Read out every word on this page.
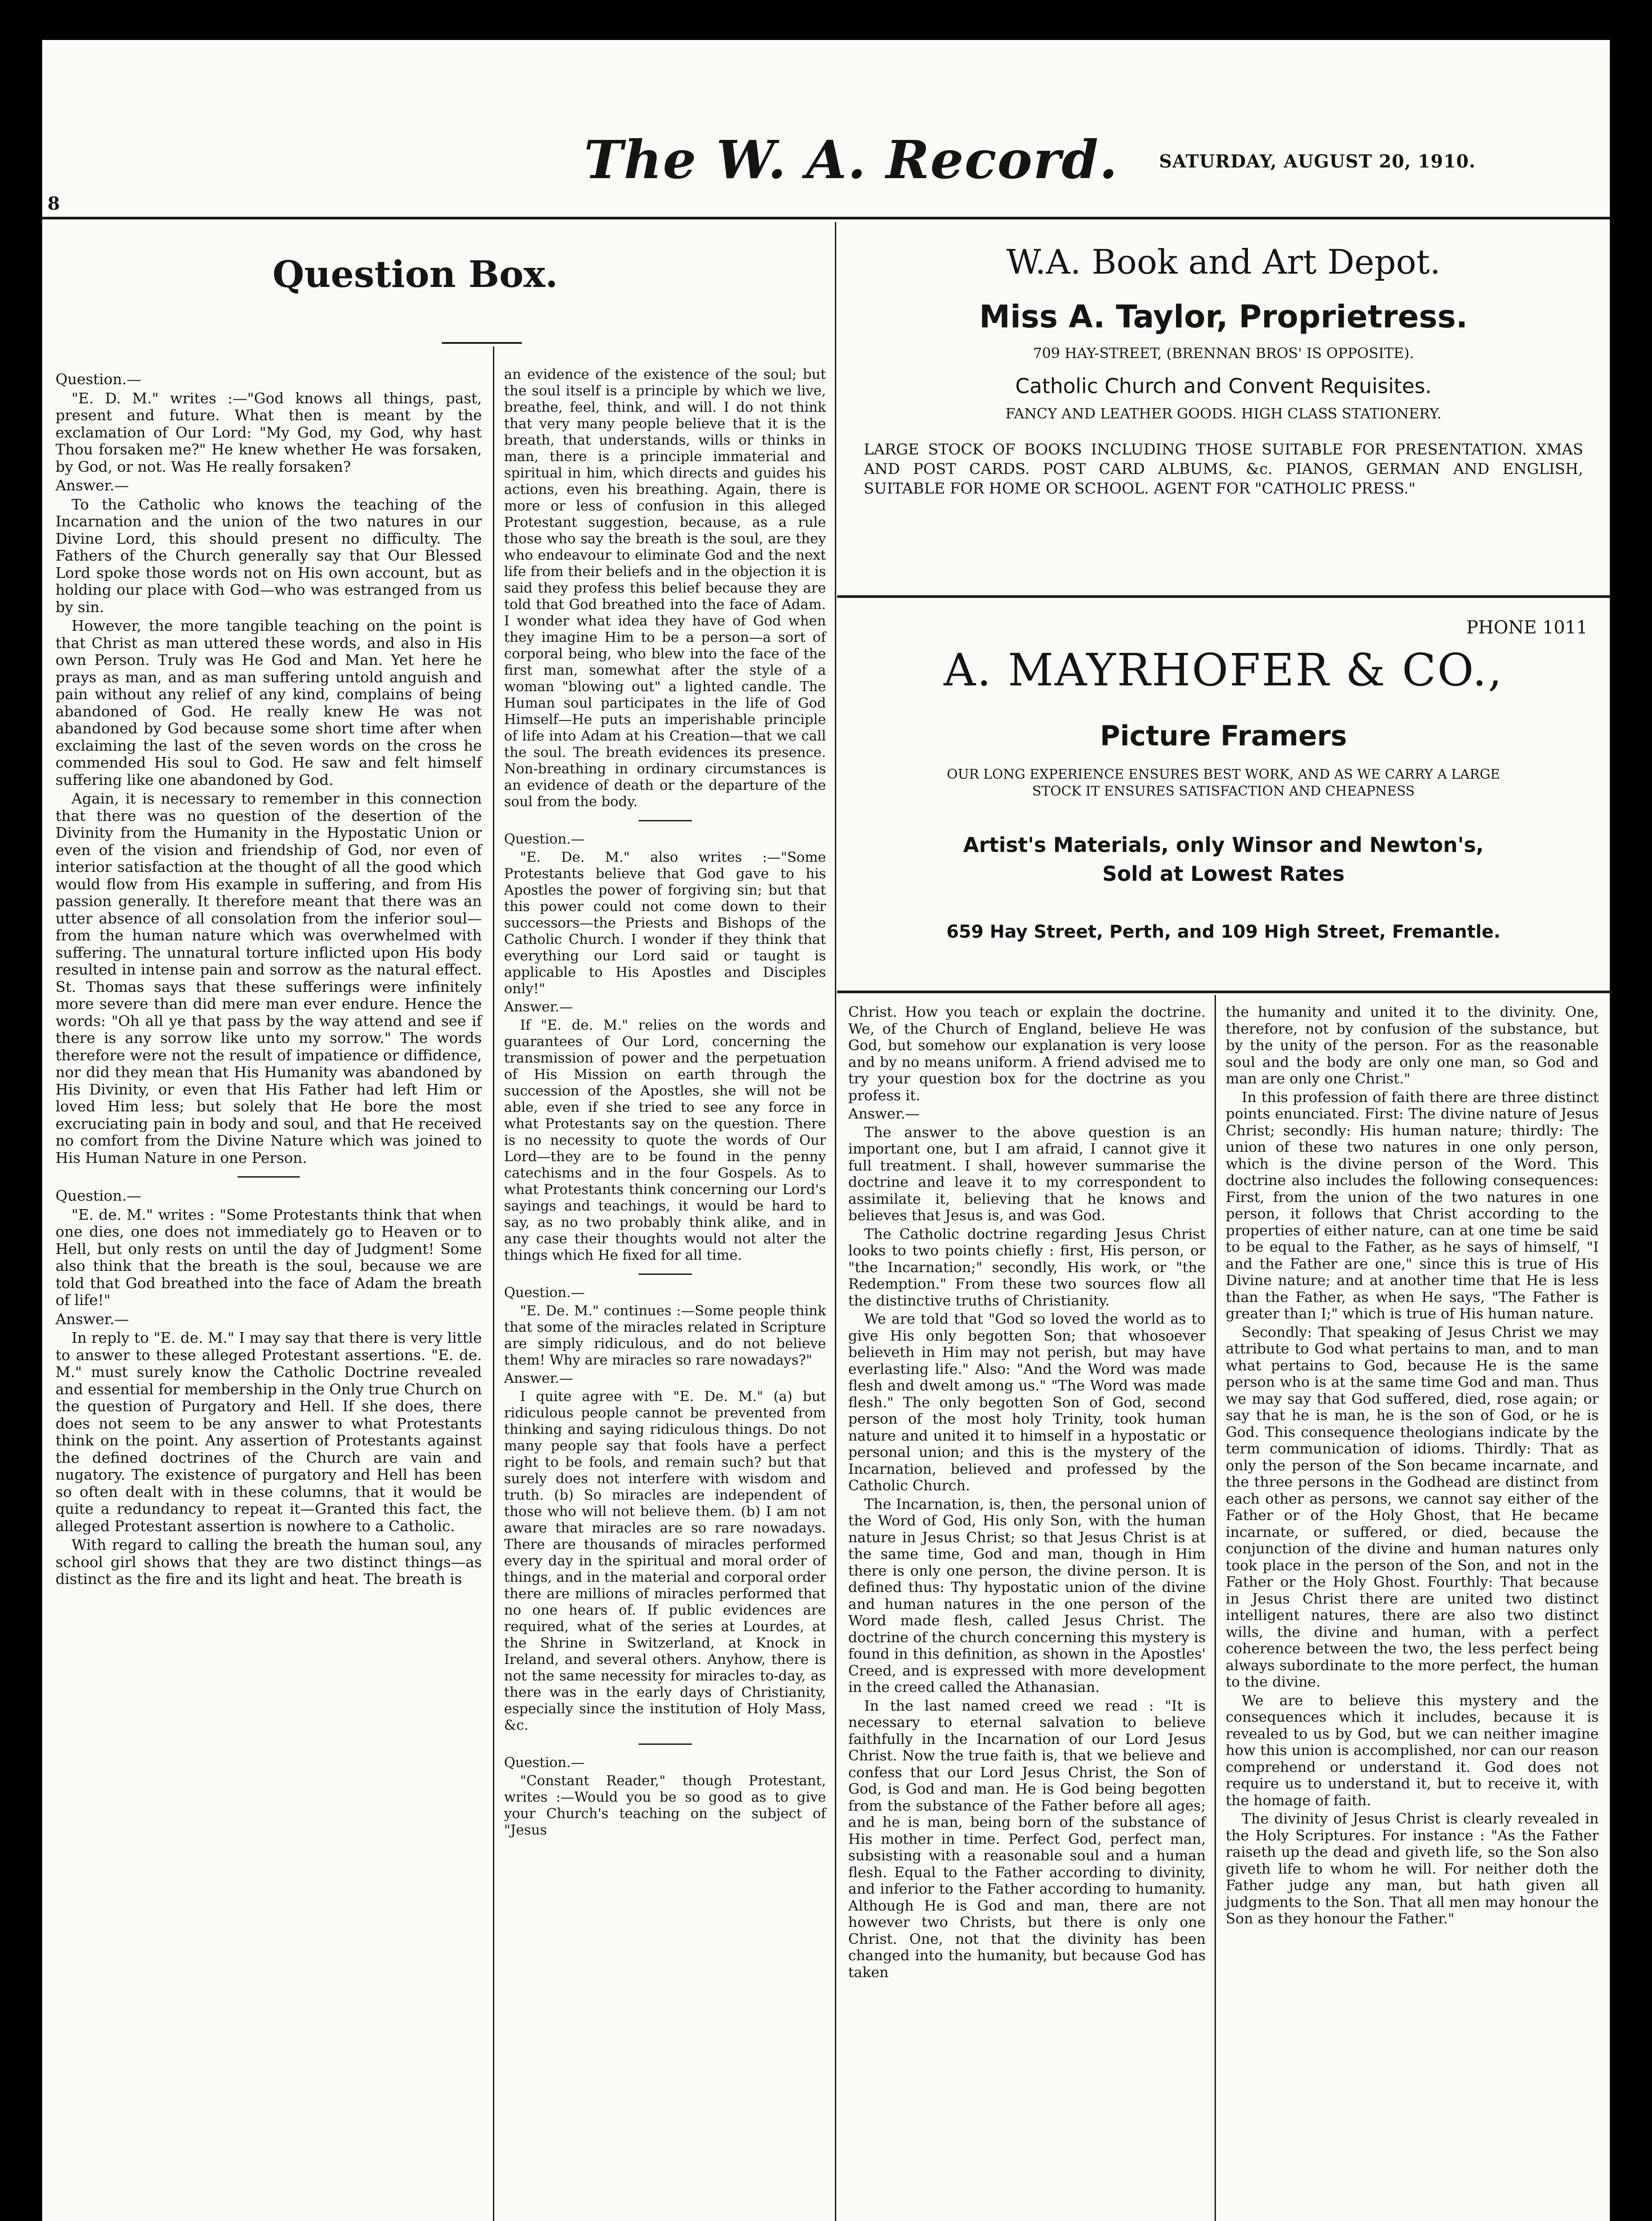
8
The W. A. Record. SATURDAY, AUGUST 20, 1910.
Question Box.

Question.—

"E. D. M." writes :—"God knows all things, past, present and future. What then is meant by the exclamation of Our Lord: "My God, my God, why hast Thou forsaken me?" He knew whether He was forsaken, by God, or not. Was He really forsaken?

Answer.—

To the Catholic who knows the teaching of the Incarnation and the union of the two natures in our Divine Lord, this should present no difficulty. The Fathers of the Church generally say that Our Blessed Lord spoke those words not on His own account, but as holding our place with God—who was estranged from us by sin.

However, the more tangible teaching on the point is that Christ as man uttered these words, and also in His own Person. Truly was He God and Man. Yet here he prays as man, and as man suffering untold anguish and pain without any relief of any kind, complains of being abandoned of God. He really knew He was not abandoned by God because some short time after when exclaiming the last of the seven words on the cross he commended His soul to God. He saw and felt himself suffering like one abandoned by God.

Again, it is necessary to remember in this connection that there was no question of the desertion of the Divinity from the Humanity in the Hypostatic Union or even of the vision and friendship of God, nor even of interior satisfaction at the thought of all the good which would flow from His example in suffering, and from His passion generally. It therefore meant that there was an utter absence of all consolation from the inferior soul—from the human nature which was overwhelmed with suffering. The unnatural torture inflicted upon His body resulted in intense pain and sorrow as the natural effect. St. Thomas says that these sufferings were infinitely more severe than did mere man ever endure. Hence the words: "Oh all ye that pass by the way attend and see if there is any sorrow like unto my sorrow." The words therefore were not the result of impatience or diffidence, nor did they mean that His Humanity was abandoned by His Divinity, or even that His Father had left Him or loved Him less; but solely that He bore the most excruciating pain in body and soul, and that He received no comfort from the Divine Nature which was joined to His Human Nature in one Person.

Question.—

"E. de. M." writes : "Some Protestants think that when one dies, one does not immediately go to Heaven or to Hell, but only rests on until the day of Judgment! Some also think that the breath is the soul, because we are told that God breathed into the face of Adam the breath of life!"

Answer.—

In reply to "E. de. M." I may say that there is very little to answer to these alleged Protestant assertions. "E. de. M." must surely know the Catholic Doctrine revealed and essential for membership in the Only true Church on the question of Purgatory and Hell. If she does, there does not seem to be any answer to what Protestants think on the point. Any assertion of Protestants against the defined doctrines of the Church are vain and nugatory. The existence of purgatory and Hell has been so often dealt with in these columns, that it would be quite a redundancy to repeat it—Granted this fact, the alleged Protestant assertion is nowhere to a Catholic.

With regard to calling the breath the human soul, any school girl shows that they are two distinct things—as distinct as the fire and its light and heat. The breath is

an evidence of the existence of the soul; but the soul itself is a principle by which we live, breathe, feel, think, and will. I do not think that very many people believe that it is the breath, that understands, wills or thinks in man, there is a principle immaterial and spiritual in him, which directs and guides his actions, even his breathing. Again, there is more or less of confusion in this alleged Protestant suggestion, because, as a rule those who say the breath is the soul, are they who endeavour to eliminate God and the next life from their beliefs and in the objection it is said they profess this belief because they are told that God breathed into the face of Adam. I wonder what idea they have of God when they imagine Him to be a person—a sort of corporal being, who blew into the face of the first man, somewhat after the style of a woman "blowing out" a lighted candle. The Human soul participates in the life of God Himself—He puts an imperishable principle of life into Adam at his Creation—that we call the soul. The breath evidences its presence. Non-breathing in ordinary circumstances is an evidence of death or the departure of the soul from the body.

Question.—

"E. De. M." also writes :—"Some Protestants believe that God gave to his Apostles the power of forgiving sin; but that this power could not come down to their successors—the Priests and Bishops of the Catholic Church. I wonder if they think that everything our Lord said or taught is applicable to His Apostles and Disciples only!"

Answer.—

If "E. de. M." relies on the words and guarantees of Our Lord, concerning the transmission of power and the perpetuation of His Mission on earth through the succession of the Apostles, she will not be able, even if she tried to see any force in what Protestants say on the question. There is no necessity to quote the words of Our Lord—they are to be found in the penny catechisms and in the four Gospels. As to what Protestants think concerning our Lord's sayings and teachings, it would be hard to say, as no two probably think alike, and in any case their thoughts would not alter the things which He fixed for all time.

Question.—

"E. De. M." continues :—Some people think that some of the miracles related in Scripture are simply ridiculous, and do not believe them! Why are miracles so rare nowadays?"

Answer.—

I quite agree with "E. De. M." (a) but ridiculous people cannot be prevented from thinking and saying ridiculous things. Do not many people say that fools have a perfect right to be fools, and remain such? but that surely does not interfere with wisdom and truth. (b) So miracles are independent of those who will not believe them. (b) I am not aware that miracles are so rare nowadays. There are thousands of miracles performed every day in the spiritual and moral order of things, and in the material and corporal order there are millions of miracles performed that no one hears of. If public evidences are required, what of the series at Lourdes, at the Shrine in Switzerland, at Knock in Ireland, and several others. Anyhow, there is not the same necessity for miracles to-day, as there was in the early days of Christianity, especially since the institution of Holy Mass, &c.

Question.—

"Constant Reader," though Protestant, writes :—Would you be so good as to give your Church's teaching on the subject of "Jesus

W.A. Book and Art Depot.
Miss A. Taylor, Proprietress.
709 HAY-STREET, (BRENNAN BROS' IS OPPOSITE).
Catholic Church and Convent Requisites.
FANCY AND LEATHER GOODS. HIGH CLASS STATIONERY.
LARGE STOCK OF BOOKS INCLUDING THOSE SUITABLE FOR PRESENTATION. XMAS AND POST CARDS. POST CARD ALBUMS, &c. PIANOS, GERMAN AND ENGLISH, SUITABLE FOR HOME OR SCHOOL. AGENT FOR "CATHOLIC PRESS."
PHONE 1011
A. MAYRHOFER & CO.,
Picture Framers
OUR LONG EXPERIENCE ENSURES BEST WORK, AND AS WE CARRY A LARGE STOCK IT ENSURES SATISFACTION AND CHEAPNESS
Artist's Materials, only Winsor and Newton's,
Sold at Lowest Rates
659 Hay Street, Perth, and 109 High Street, Fremantle.

Christ. How you teach or explain the doctrine. We, of the Church of England, believe He was God, but somehow our explanation is very loose and by no means uniform. A friend advised me to try your question box for the doctrine as you profess it.

Answer.—

The answer to the above question is an important one, but I am afraid, I cannot give it full treatment. I shall, however summarise the doctrine and leave it to my correspondent to assimilate it, believing that he knows and believes that Jesus is, and was God.

The Catholic doctrine regarding Jesus Christ looks to two points chiefly : first, His person, or "the Incarnation;" secondly, His work, or "the Redemption." From these two sources flow all the distinctive truths of Christianity.

We are told that "God so loved the world as to give His only begotten Son; that whosoever believeth in Him may not perish, but may have everlasting life." Also: "And the Word was made flesh and dwelt among us." "The Word was made flesh." The only begotten Son of God, second person of the most holy Trinity, took human nature and united it to himself in a hypostatic or personal union; and this is the mystery of the Incarnation, believed and professed by the Catholic Church.

The Incarnation, is, then, the personal union of the Word of God, His only Son, with the human nature in Jesus Christ; so that Jesus Christ is at the same time, God and man, though in Him there is only one person, the divine person. It is defined thus: Thy hypostatic union of the divine and human natures in the one person of the Word made flesh, called Jesus Christ. The doctrine of the church concerning this mystery is found in this definition, as shown in the Apostles' Creed, and is expressed with more development in the creed called the Athanasian.

In the last named creed we read : "It is necessary to eternal salvation to believe faithfully in the Incarnation of our Lord Jesus Christ. Now the true faith is, that we believe and confess that our Lord Jesus Christ, the Son of God, is God and man. He is God being begotten from the substance of the Father before all ages; and he is man, being born of the substance of His mother in time. Perfect God, perfect man, subsisting with a reasonable soul and a human flesh. Equal to the Father according to divinity, and inferior to the Father according to humanity. Although He is God and man, there are not however two Christs, but there is only one Christ. One, not that the divinity has been changed into the humanity, but because God has taken

the humanity and united it to the divinity. One, therefore, not by confusion of the substance, but by the unity of the person. For as the reasonable soul and the body are only one man, so God and man are only one Christ."

In this profession of faith there are three distinct points enunciated. First: The divine nature of Jesus Christ; secondly: His human nature; thirdly: The union of these two natures in one only person, which is the divine person of the Word. This doctrine also includes the following consequences: First, from the union of the two natures in one person, it follows that Christ according to the properties of either nature, can at one time be said to be equal to the Father, as he says of himself, "I and the Father are one," since this is true of His Divine nature; and at another time that He is less than the Father, as when He says, "The Father is greater than I;" which is true of His human nature.

Secondly: That speaking of Jesus Christ we may attribute to God what pertains to man, and to man what pertains to God, because He is the same person who is at the same time God and man. Thus we may say that God suffered, died, rose again; or say that he is man, he is the son of God, or he is God. This consequence theologians indicate by the term communication of idioms. Thirdly: That as only the person of the Son became incarnate, and the three persons in the Godhead are distinct from each other as persons, we cannot say either of the Father or of the Holy Ghost, that He became incarnate, or suffered, or died, because the conjunction of the divine and human natures only took place in the person of the Son, and not in the Father or the Holy Ghost. Fourthly: That because in Jesus Christ there are united two distinct intelligent natures, there are also two distinct wills, the divine and human, with a perfect coherence between the two, the less perfect being always subordinate to the more perfect, the human to the divine.

We are to believe this mystery and the consequences which it includes, because it is revealed to us by God, but we can neither imagine how this union is accomplished, nor can our reason comprehend or understand it. God does not require us to understand it, but to receive it, with the homage of faith.

The divinity of Jesus Christ is clearly revealed in the Holy Scriptures. For instance : "As the Father raiseth up the dead and giveth life, so the Son also giveth life to whom he will. For neither doth the Father judge any man, but hath given all judgments to the Son. That all men may honour the Son as they honour the Father."
